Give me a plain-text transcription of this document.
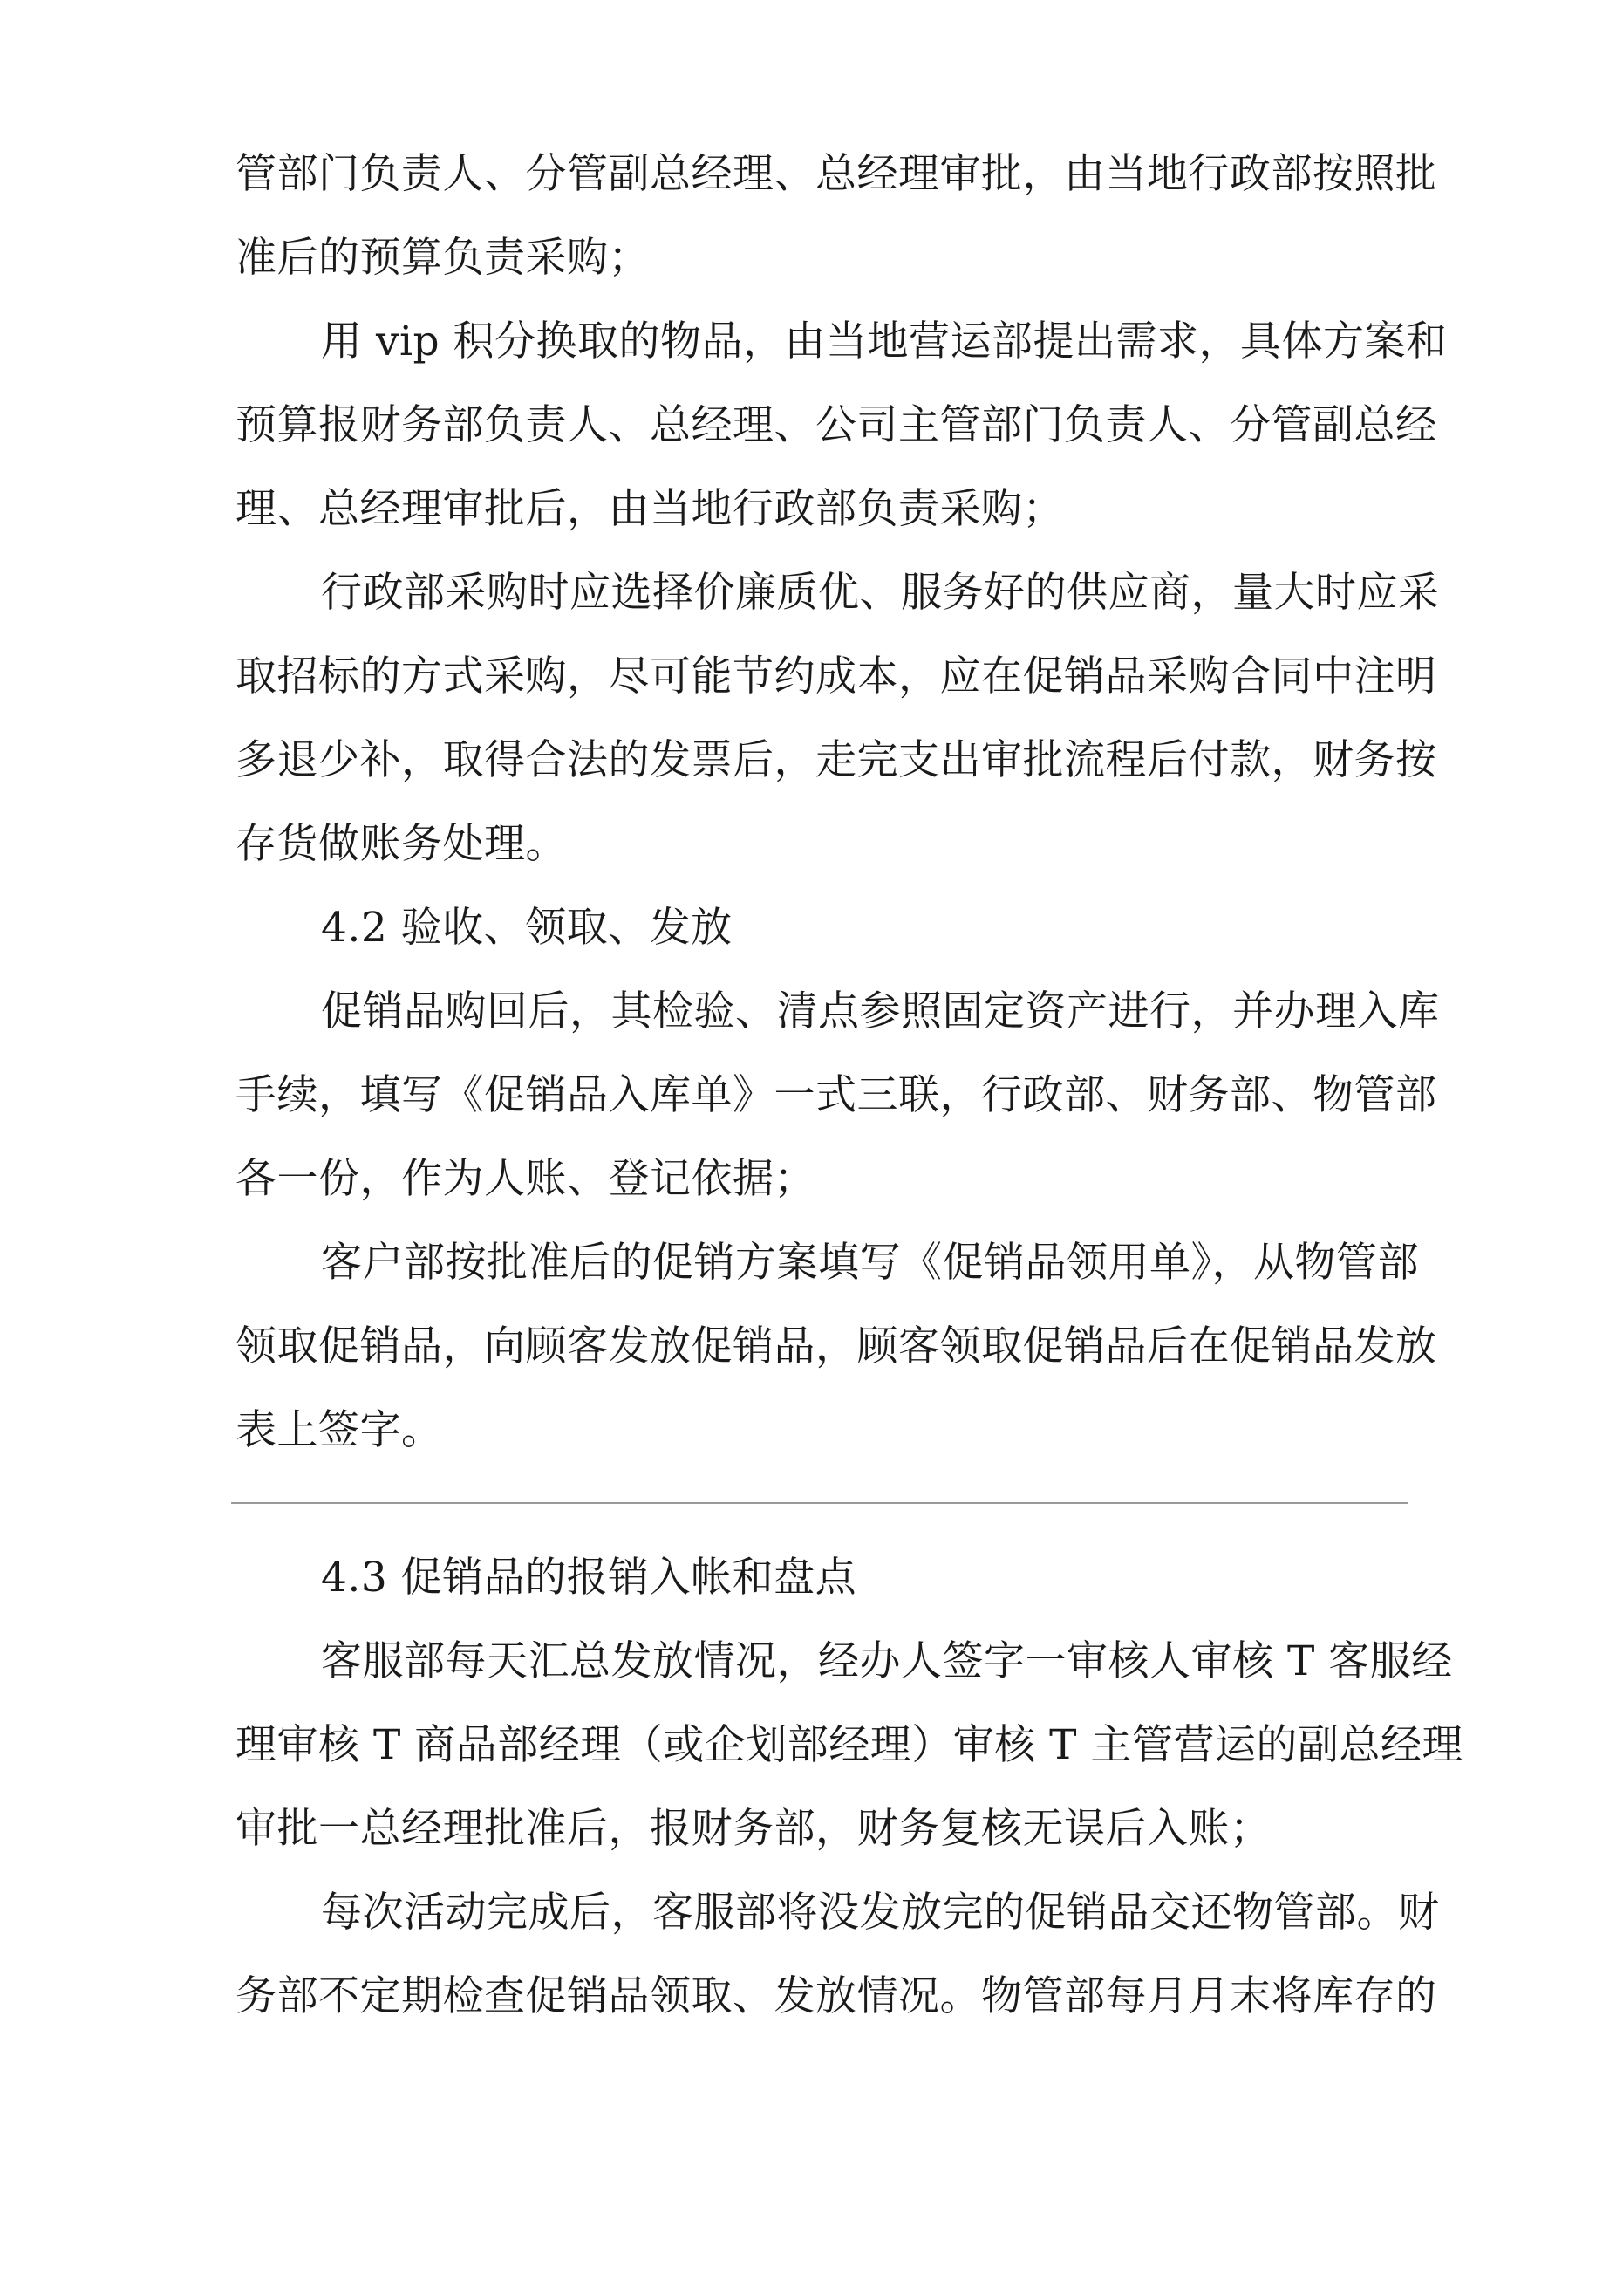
管部门负责人、分管副总经理、总经理审批，由当地行政部按照批
准后的预算负责采购；
用 vip 积分换取的物品，由当地营运部提出需求，具体方案和
预算报财务部负责人、总经理、公司主管部门负责人、分管副总经
理、总经理审批后，由当地行政部负责采购；
行政部采购时应选择价廉质优、服务好的供应商，量大时应采
取招标的方式采购，尽可能节约成本，应在促销品采购合同中注明
多退少补，取得合法的发票后，走完支出审批流程后付款，财务按
存货做账务处理。
4.2 验收、领取、发放
促销品购回后，其检验、清点参照固定资产进行，并办理入库
手续，填写《促销品入库单》一式三联，行政部、财务部、物管部
各一份，作为人账、登记依据；
客户部按批准后的促销方案填写《促销品领用单》，从物管部
领取促销品，向顾客发放促销品，顾客领取促销品后在促销品发放
表上签字。
4.3 促销品的报销入帐和盘点
客服部每天汇总发放情况，经办人签字一审核人审核 T 客服经
理审核 T 商品部经理（或企划部经理）审核 T 主管营运的副总经理
审批一总经理批准后，报财务部，财务复核无误后入账；
每次活动完成后，客服部将没发放完的促销品交还物管部。财
务部不定期检查促销品领取、发放情况。物管部每月月末将库存的
